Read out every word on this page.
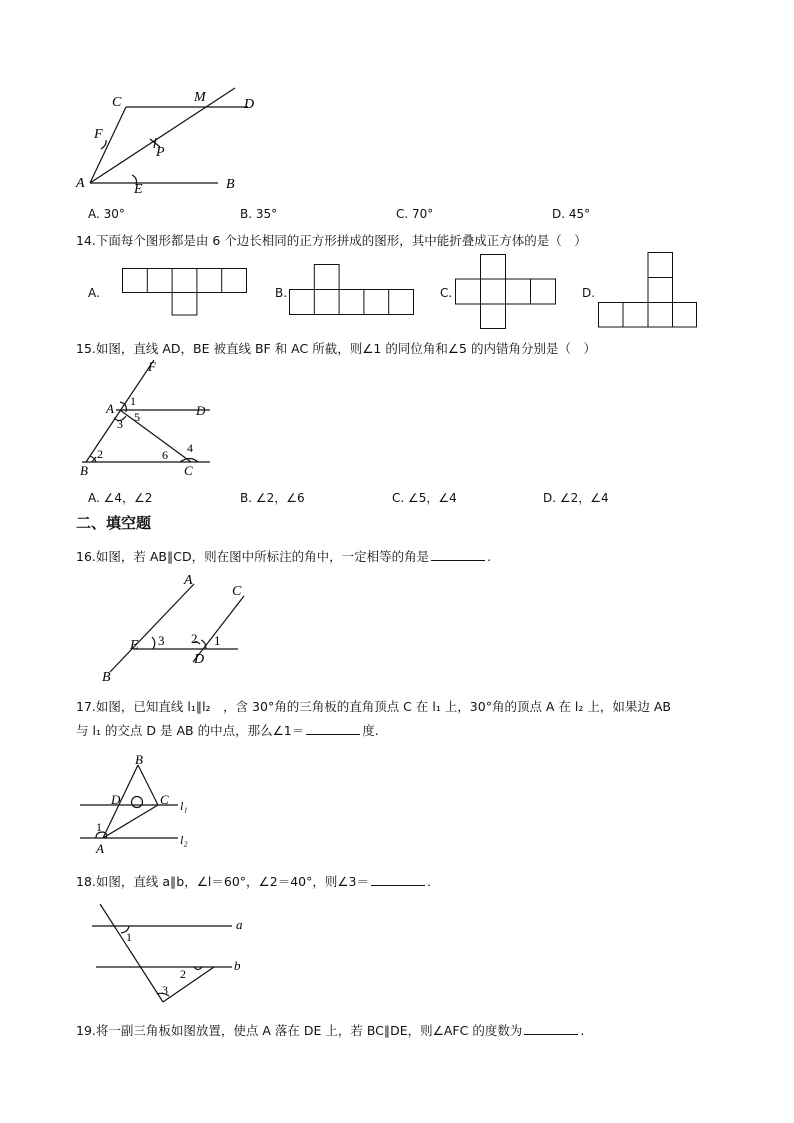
C	M	D
F
P
A	E	B
A. 30°	B. 35°	C. 70°	D. 45°
14.下面每个图形都是由 6 个边长相同的正方形拼成的图形，其中能折叠成正方体的是（　）
A.	B.	C.	D.
15.如图，直线 AD，BE 被直线 BF 和 AC 所截，则∠1 的同位角和∠5 的内错角分别是（　）
F
A	D
B	C
1
5
3
2	6 4
A. ∠4，∠2	B. ∠2，∠6	C. ∠5，∠4	D. ∠2，∠4
二、填空题
16.如图，若 AB∥CD，则在图中所标注的角中，一定相等的角是	.
A
C
E
D
B
3 2 1
17.如图，已知直线 l₁∥l₂　，含 30°角的三角板的直角顶点 C 在 l₁ 上，30°角的顶点 A 在 l₂ 上，如果边 AB
与 l₁ 的交点 D 是 AB 的中点，那么∠1＝	度.
B
D	C
A
1
l₁
l₂
18.如图，直线 a∥b，∠l＝60°，∠2＝40°，则∠3＝	.
a
b
1
2
3
19.将一副三角板如图放置，使点 A 落在 DE 上，若 BC∥DE，则∠AFC 的度数为	.
